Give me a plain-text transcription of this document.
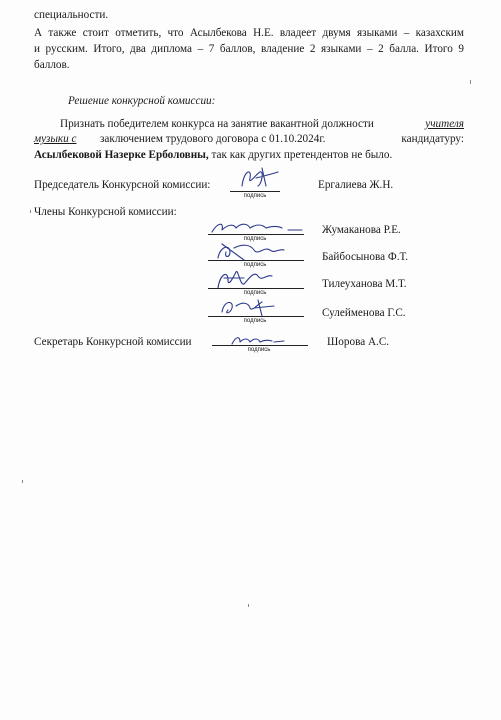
специальности.
А также стоит отметить, что Асылбекова Н.Е. владеет двумя языками – казахским
и русским. Итого, два диплома – 7 баллов, владение 2 языками – 2 балла. Итого 9
баллов.
Решение конкурсной комиссии:
Признать победителем конкурса на занятие вакантной должности	учителя
музыки с заключением трудового договора с 01.10.2024г.	кандидатуру:
Асылбековой Назерке Ерболовны, так как других претендентов не было.
Председатель Конкурсной комиссии:
подпись
Ергалиева Ж.Н.
Члены Конкурсной комиссии:
подпись
Жумаканова Р.Е.
подпись
Байбосынова Ф.Т.
подпись
Тилеуханова М.Т.
подпись
Сулейменова Г.С.
Секретарь Конкурсной комиссии
подпись
Шорова А.С.
